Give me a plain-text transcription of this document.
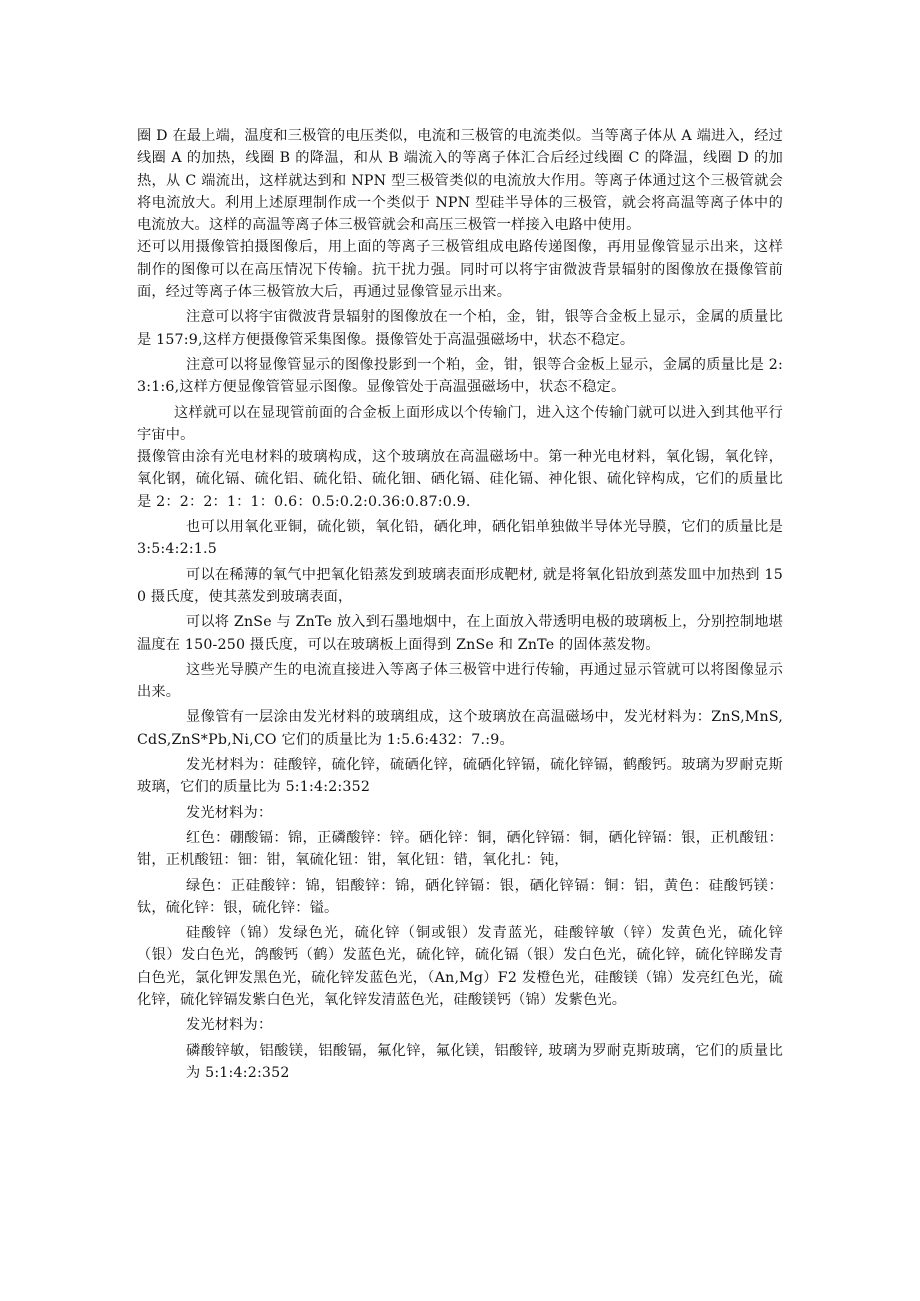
圈 D 在最上端，温度和三极管的电压类似，电流和三极管的电流类似。当等离子体从 A 端进入，经过线圈 A 的加热，线圈 B 的降温，和从 B 端流入的等离子体汇合后经过线圈 C 的降温，线圈 D 的加热，从 C 端流出，这样就达到和 NPN 型三极管类似的电流放大作用。等离子体通过这个三极管就会将电流放大。利用上述原理制作成一个类似于 NPN 型硅半导体的三极管，就会将高温等离子体中的电流放大。这样的高温等离子体三极管就会和高压三极管一样接入电路中使用。

还可以用摄像管拍摄图像后，用上面的等离子三极管组成电路传递图像，再用显像管显示出来，这样制作的图像可以在高压情况下传输。抗干扰力强。同时可以将宇宙微波背景辐射的图像放在摄像管前面，经过等离子体三极管放大后，再通过显像管显示出来。

注意可以将宇宙微波背景辐射的图像放在一个柏，金，钳，银等合金板上显示，金属的质量比是 157:9,这样方便摄像管采集图像。摄像管处于高温强磁场中，状态不稳定。

注意可以将显像管显示的图像投影到一个粕，金，钳，银等合金板上显示，金属的质量比是 2:3:1:6,这样方便显像管管显示图像。显像管处于高温强磁场中，状态不稳定。

这样就可以在显现管前面的合金板上面形成以个传输门，进入这个传输门就可以进入到其他平行宇宙中。

摄像管由涂有光电材料的玻璃构成，这个玻璃放在高温磁场中。第一种光电材料，氧化锡，氧化锌，氧化钢，硫化镉、硫化铝、硫化铅、硫化钿、硒化镉、硅化镉、神化银、硫化锌构成，它们的质量比是 2：2：2：1：1：0.6：0.5:0.2:0.36:0.87:0.9.

也可以用氧化亚铜，硫化锁，氧化铅，硒化珅，硒化铝单独做半导体光导膜，它们的质量比是 3:5:4:2:1.5

可以在稀薄的氧气中把氧化铅蒸发到玻璃表面形成靶材, 就是将氧化铅放到蒸发皿中加热到 150 摄氏度，使其蒸发到玻璃表面，

可以将 ZnSe 与 ZnTe 放入到石墨地烟中，在上面放入带透明电极的玻璃板上，分别控制地堪温度在 150-250 摄氏度，可以在玻璃板上面得到 ZnSe 和 ZnTe 的固体蒸发物。

这些光导膜产生的电流直接进入等离子体三极管中进行传输，再通过显示管就可以将图像显示出来。

显像管有一层涂由发光材料的玻璃组成，这个玻璃放在高温磁场中，发光材料为：ZnS,MnS,CdS,ZnS*Pb,Ni,CO 它们的质量比为 1:5.6:432：7.:9。

发光材料为：硅酸锌，硫化锌，硫硒化锌，硫硒化锌镉，硫化锌镉，鹤酸钙。玻璃为罗耐克斯玻璃，它们的质量比为 5:1:4:2:352

发光材料为：

红色：硼酸镉：锦，正磷酸锌：锌。硒化锌：铜，硒化锌镉：铜，硒化锌镉：银，正机酸钮：钳，正机酸钮：钿：钳，氧硫化钮：钳，氧化钮：错，氧化扎：钝，

绿色：正硅酸锌：锦，铝酸锌：锦，硒化锌镉：银，硒化锌镉：铜：铝，黄色：硅酸钙镁：钛，硫化锌：银，硫化锌：镒。

硅酸锌（锦）发绿色光，硫化锌（铜或银）发青蓝光，硅酸锌敏（锌）发黄色光，硫化锌（银）发白色光，鸽酸钙（鹤）发蓝色光，硫化锌，硫化镉（银）发白色光，硫化锌，硫化锌睇发青白色光，氯化钾发黑色光，硫化锌发蓝色光，（An,Mg）F2 发橙色光，硅酸镁（锦）发亮红色光，硫化锌，硫化锌镉发紫白色光，氧化锌发清蓝色光，硅酸镁钙（锦）发紫色光。

发光材料为：

磷酸锌敏，铝酸镁，铝酸镉，氟化锌，氟化镁，铝酸锌, 玻璃为罗耐克斯玻璃，它们的质量比为 5:1:4:2:352
